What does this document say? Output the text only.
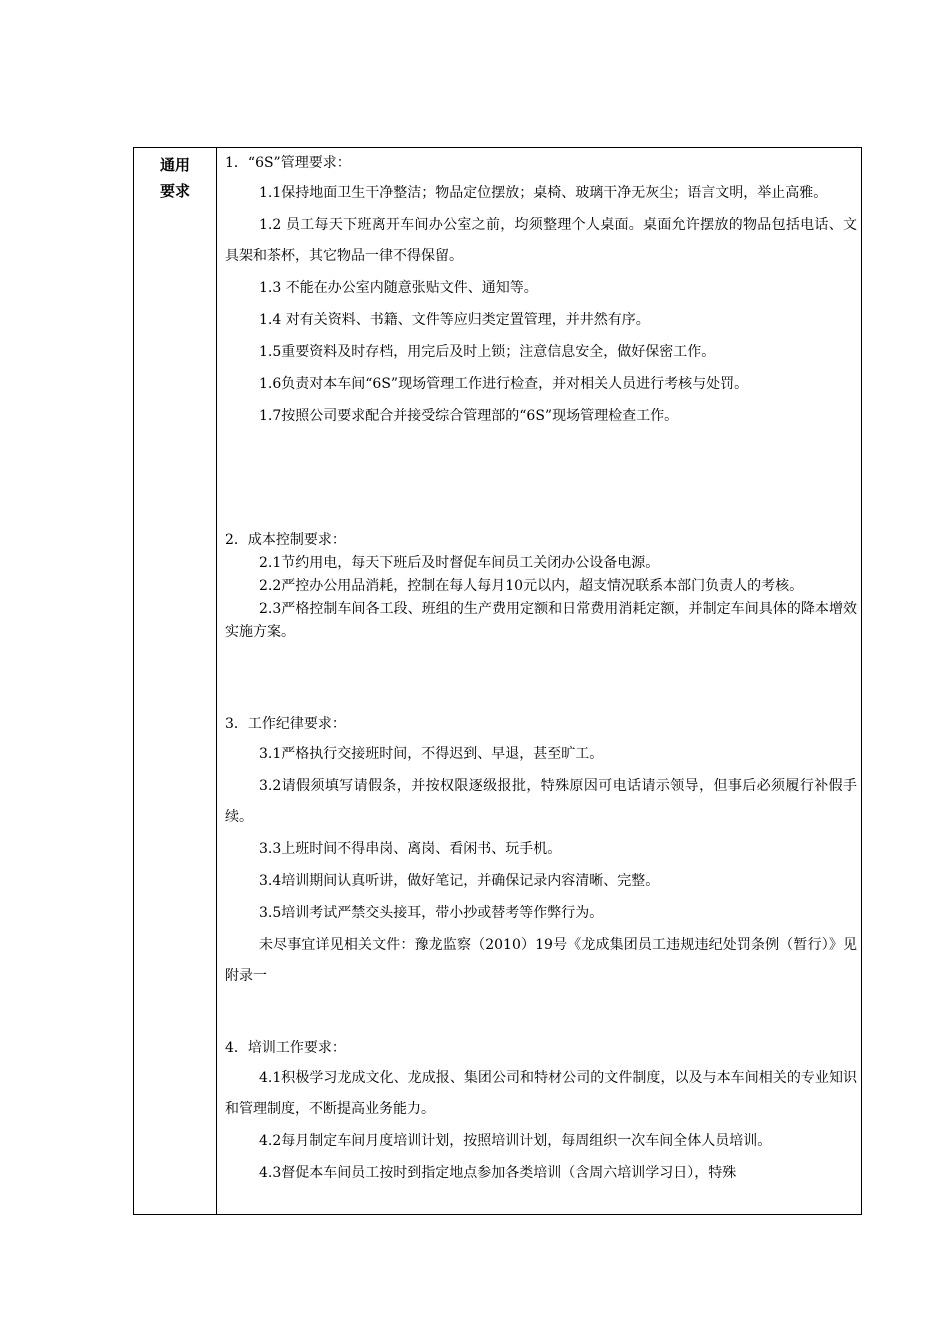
通用
要求

1．“6S”管理要求：

1.1保持地面卫生干净整洁；物品定位摆放；桌椅、玻璃干净无灰尘；语言文明，举止高雅。

1.2 员工每天下班离开车间办公室之前，均须整理个人桌面。桌面允许摆放的物品包括电话、文具架和茶杯，其它物品一律不得保留。

1.3 不能在办公室内随意张贴文件、通知等。

1.4 对有关资料、书籍、文件等应归类定置管理，并井然有序。

1.5重要资料及时存档，用完后及时上锁；注意信息安全，做好保密工作。

1.6负责对本车间“6S”现场管理工作进行检查，并对相关人员进行考核与处罚。

1.7按照公司要求配合并接受综合管理部的“6S”现场管理检查工作。

2．成本控制要求：

2.1节约用电，每天下班后及时督促车间员工关闭办公设备电源。

2.2严控办公用品消耗，控制在每人每月10元以内，超支情况联系本部门负责人的考核。

2.3严格控制车间各工段、班组的生产费用定额和日常费用消耗定额，并制定车间具体的降本增效实施方案。

3．工作纪律要求：

3.1严格执行交接班时间，不得迟到、早退，甚至旷工。

3.2请假须填写请假条，并按权限逐级报批，特殊原因可电话请示领导，但事后必须履行补假手续。

3.3上班时间不得串岗、离岗、看闲书、玩手机。

3.4培训期间认真听讲，做好笔记，并确保记录内容清晰、完整。

3.5培训考试严禁交头接耳，带小抄或替考等作弊行为。

未尽事宜详见相关文件：豫龙监察（2010）19号《龙成集团员工违规违纪处罚条例（暂行）》见附录一

4．培训工作要求：

4.1积极学习龙成文化、龙成报、集团公司和特材公司的文件制度，以及与本车间相关的专业知识和管理制度，不断提高业务能力。

4.2每月制定车间月度培训计划，按照培训计划，每周组织一次车间全体人员培训。

4.3督促本车间员工按时到指定地点参加各类培训（含周六培训学习日），特殊
